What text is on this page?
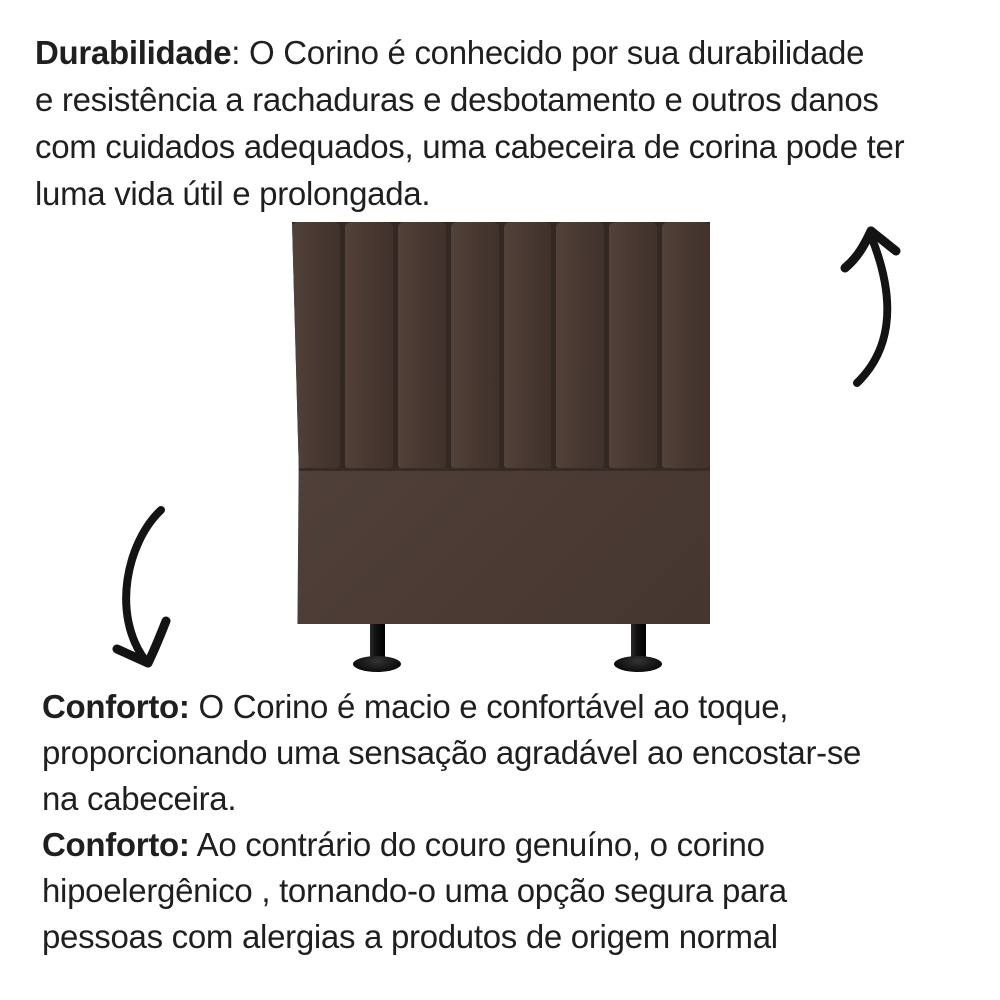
Durabilidade: O Corino é conhecido por sua durabilidade
e resistência a rachaduras e desbotamento e outros danos
com cuidados adequados, uma cabeceira de corina pode ter
luma vida útil e prolongada.
Conforto: O Corino é macio e confortável ao toque,
proporcionando uma sensação agradável ao encostar-se
na cabeceira.
Conforto: Ao contrário do couro genuíno, o corino
hipoelergênico , tornando-o uma opção segura para
pessoas com alergias a produtos de origem normal
